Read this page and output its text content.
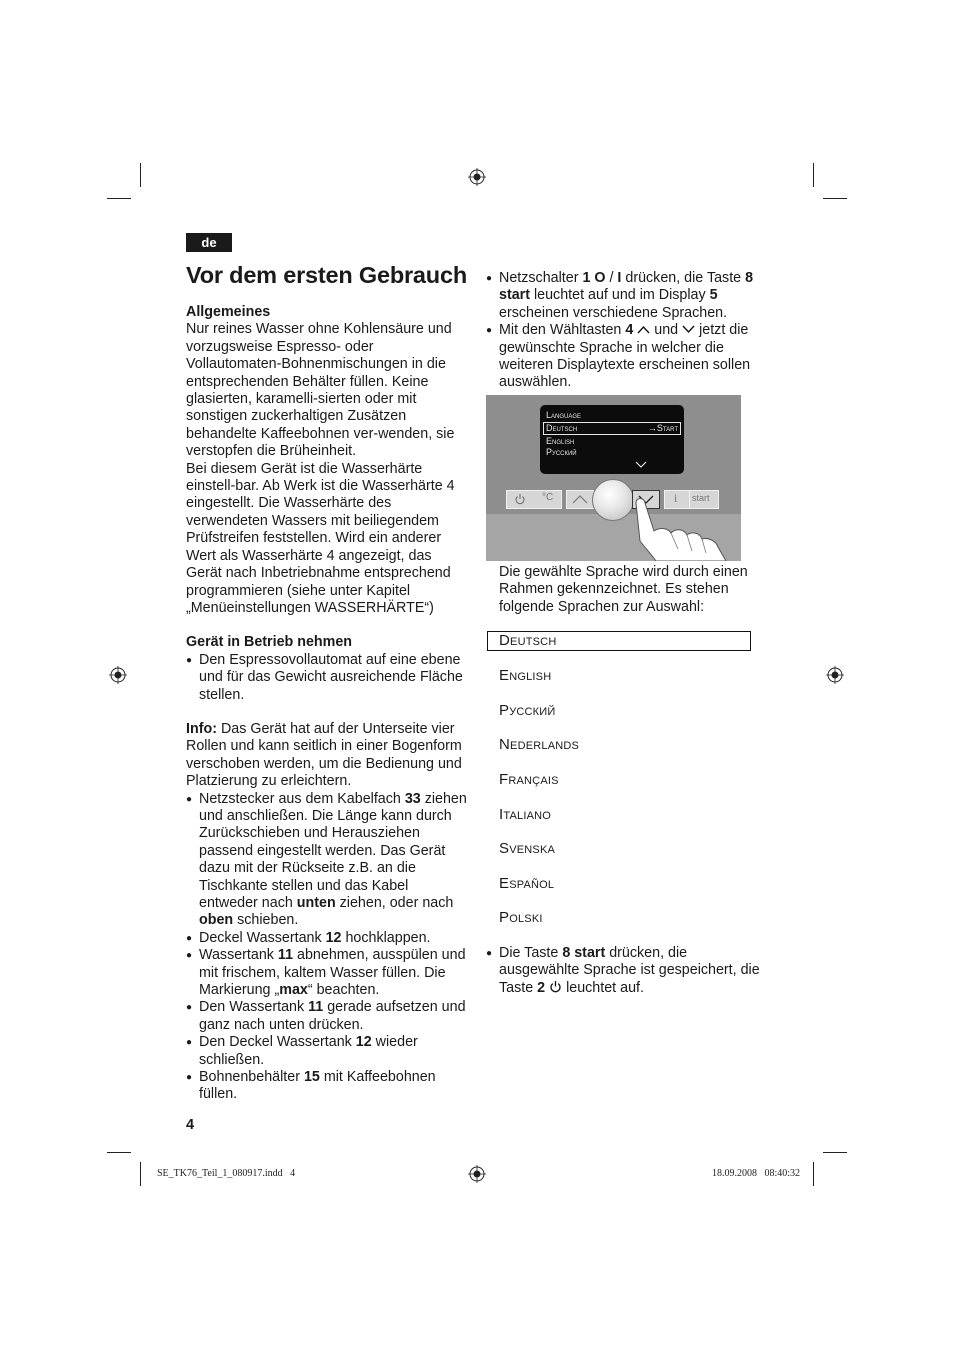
de
Vor dem ersten Gebrauch
Allgemeines
Nur reines Wasser ohne Kohlensäure und vorzugsweise Espresso- oder Vollautomaten-Bohnenmischungen in die entsprechenden Behälter füllen. Keine glasierten, karamelli-sierten oder mit sonstigen zuckerhaltigen Zusätzen behandelte Kaffeebohnen ver-wenden, sie verstopfen die Brüheinheit.
Bei diesem Gerät ist die Wasserhärte einstell-bar. Ab Werk ist die Wasserhärte 4 eingestellt. Die Wasserhärte des verwendeten Wassers mit beiliegendem Prüfstreifen feststellen. Wird ein anderer Wert als Wasserhärte 4 angezeigt, das Gerät nach Inbetriebnahme entsprechend programmieren (siehe unter Kapitel „Menüeinstellungen WASSERHÄRTE“)
Gerät in Betrieb nehmen
● Den Espressovollautomat auf eine ebene und für das Gewicht ausreichende Fläche stellen.
Info: Das Gerät hat auf der Unterseite vier Rollen und kann seitlich in einer Bogenform verschoben werden, um die Bedienung und Platzierung zu erleichtern.
● Netzstecker aus dem Kabelfach 33 ziehen und anschließen. Die Länge kann durch Zurückschieben und Herausziehen passend eingestellt werden. Das Gerät dazu mit der Rückseite z.B. an die Tischkante stellen und das Kabel entweder nach unten ziehen, oder nach oben schieben.
● Deckel Wassertank 12 hochklappen.
● Wassertank 11 abnehmen, ausspülen und mit frischem, kaltem Wasser füllen. Die Markierung „max“ beachten.
● Den Wassertank 11 gerade aufsetzen und ganz nach unten drücken.
● Den Deckel Wassertank 12 wieder schließen.
● Bohnenbehälter 15 mit Kaffeebohnen füllen.
● Netzschalter 1 O / I drücken, die Taste 8 start leuchtet auf und im Display 5 erscheinen verschiedene Sprachen.
● Mit den Wähltasten 4  und  jetzt die gewünschte Sprache in welcher die weiteren Displaytexte erscheinen sollen auswählen.
Language
Deutsch	→Start
English
Русский
°C	i start
Die gewählte Sprache wird durch einen Rahmen gekennzeichnet. Es stehen folgende Sprachen zur Auswahl:
Deutsch
English
Русский
Nederlands
Français
Italiano
Svenska
Español
Polski
● Die Taste 8 start drücken, die ausgewählte Sprache ist gespeichert, die Taste 2  leuchtet auf.
4
SE_TK76_Teil_1_080917.indd   4	18.09.2008   08:40:32
